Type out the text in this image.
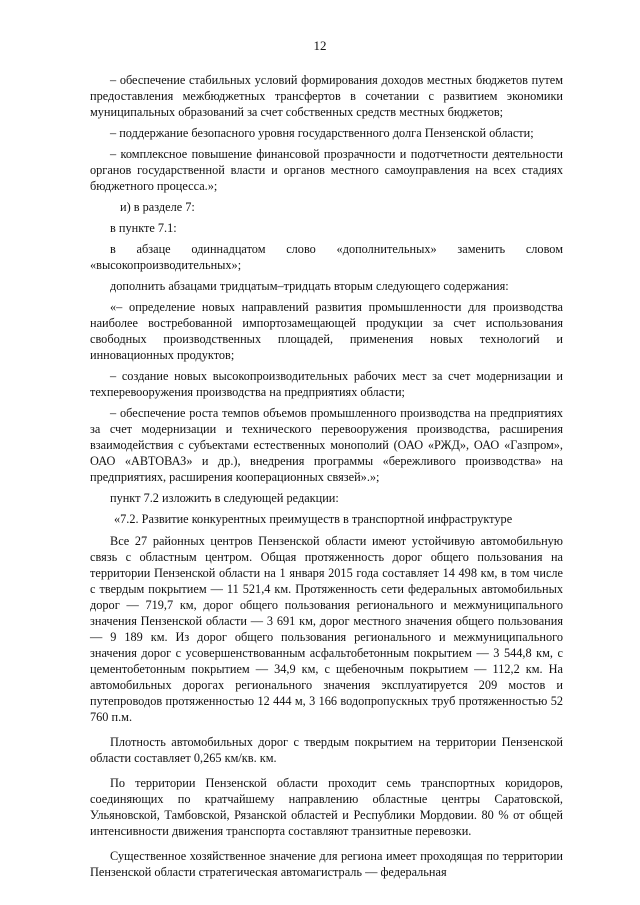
12

– обеспечение стабильных условий формирования доходов местных бюджетов путем предоставления межбюджетных трансфертов в сочетании с развитием экономики муниципальных образований за счет собственных средств местных бюджетов;

– поддержание безопасного уровня государственного долга Пензенской области;

– комплексное повышение финансовой прозрачности и подотчетности деятельности органов государственной власти и органов местного самоуправления на всех стадиях бюджетного процесса.»;

и) в разделе 7:

в пункте 7.1:

в абзаце одиннадцатом слово «дополнительных» заменить словом «высокопроизводительных»;

дополнить абзацами тридцатым–тридцать вторым следующего содержания:

«– определение новых направлений развития промышленности для производства наиболее востребованной импортозамещающей продукции за счет использования свободных производственных площадей, применения новых технологий и инновационных продуктов;

– создание новых высокопроизводительных рабочих мест за счет модернизации и техперевооружения производства на предприятиях области;

– обеспечение роста темпов объемов промышленного производства на предприятиях за счет модернизации и технического перевооружения производства, расширения взаимодействия с субъектами естественных монополий (ОАО «РЖД», ОАО «Газпром», ОАО «АВТОВАЗ» и др.), внедрения программы «бережливого производства» на предприятиях, расширения кооперационных связей».»;

пункт 7.2 изложить в следующей редакции:

«7.2. Развитие конкурентных преимуществ в транспортной инфраструктуре

Все 27 районных центров Пензенской области имеют устойчивую автомобильную связь с областным центром. Общая протяженность дорог общего пользования на территории Пензенской области на 1 января 2015 года составляет 14 498 км, в том числе с твердым покрытием — 11 521,4 км. Протяженность сети федеральных автомобильных дорог — 719,7 км, дорог общего пользования регионального и межмуниципального значения Пензенской области — 3 691 км, дорог местного значения общего пользования — 9 189 км. Из дорог общего пользования регионального и межмуниципального значения дорог с усовершенствованным асфальтобетонным покрытием — 3 544,8 км, с цементобетонным покрытием — 34,9 км, с щебеночным покрытием — 112,2 км. На автомобильных дорогах регионального значения эксплуатируется 209 мостов и путепроводов протяженностью 12 444 м, 3 166 водопропускных труб протяженностью 52 760 п.м.

Плотность автомобильных дорог с твердым покрытием на территории Пензенской области составляет 0,265 км/кв. км.

По территории Пензенской области проходит семь транспортных коридоров, соединяющих по кратчайшему направлению областные центры Саратовской, Ульяновской, Тамбовской, Рязанской областей и Республики Мордовии. 80 % от общей интенсивности движения транспорта составляют транзитные перевозки.

Существенное хозяйственное значение для региона имеет проходящая по территории Пензенской области стратегическая автомагистраль — федеральная
